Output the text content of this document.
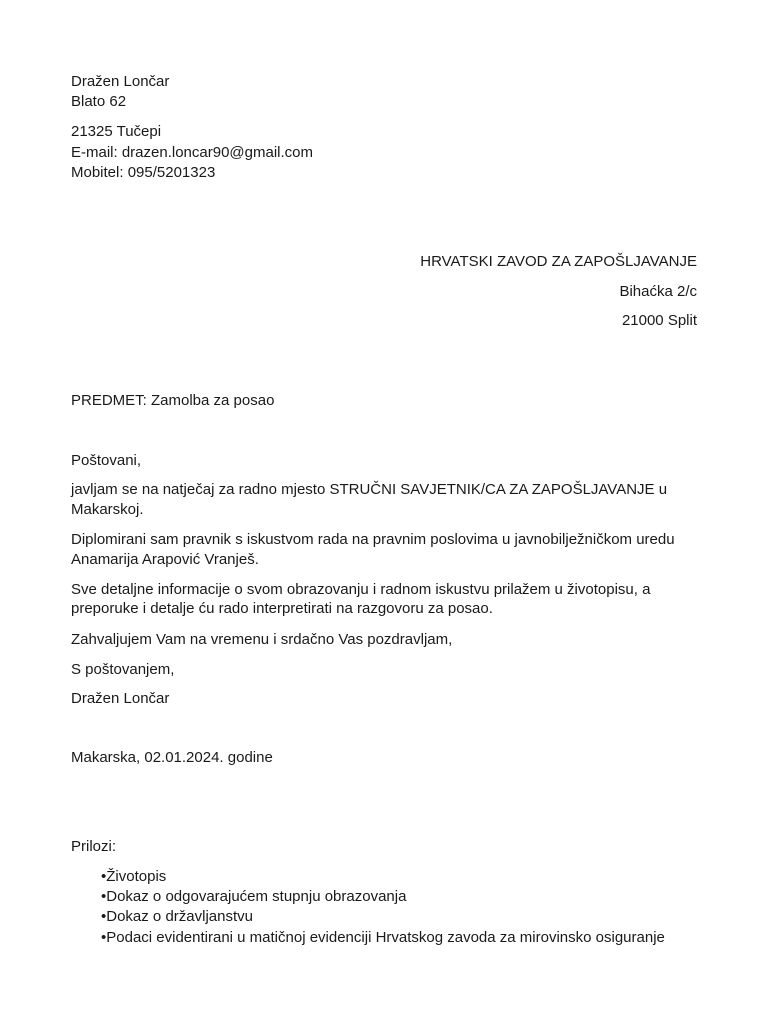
Dražen Lončar
Blato 62
21325 Tučepi
E-mail: drazen.loncar90@gmail.com
Mobitel: 095/5201323
HRVATSKI ZAVOD ZA ZAPOŠLJAVANJE
Bihaćka 2/c
21000 Split
PREDMET: Zamolba za posao
Poštovani,
javljam se na natječaj za radno mjesto STRUČNI SAVJETNIK/CA ZA ZAPOŠLJAVANJE u
Makarskoj.
Diplomirani sam pravnik s iskustvom rada na pravnim poslovima u javnobilježničkom uredu
Anamarija Arapović Vranješ.
Sve detaljne informacije o svom obrazovanju i radnom iskustvu prilažem u životopisu, a
preporuke i detalje ću rado interpretirati na razgovoru za posao.
Zahvaljujem Vam na vremenu i srdačno Vas pozdravljam,
S poštovanjem,
Dražen Lončar
Makarska, 02.01.2024. godine
Prilozi:
•Životopis
•Dokaz o odgovarajućem stupnju obrazovanja
•Dokaz o državljanstvu
•Podaci evidentirani u matičnoj evidenciji Hrvatskog zavoda za mirovinsko osiguranje
